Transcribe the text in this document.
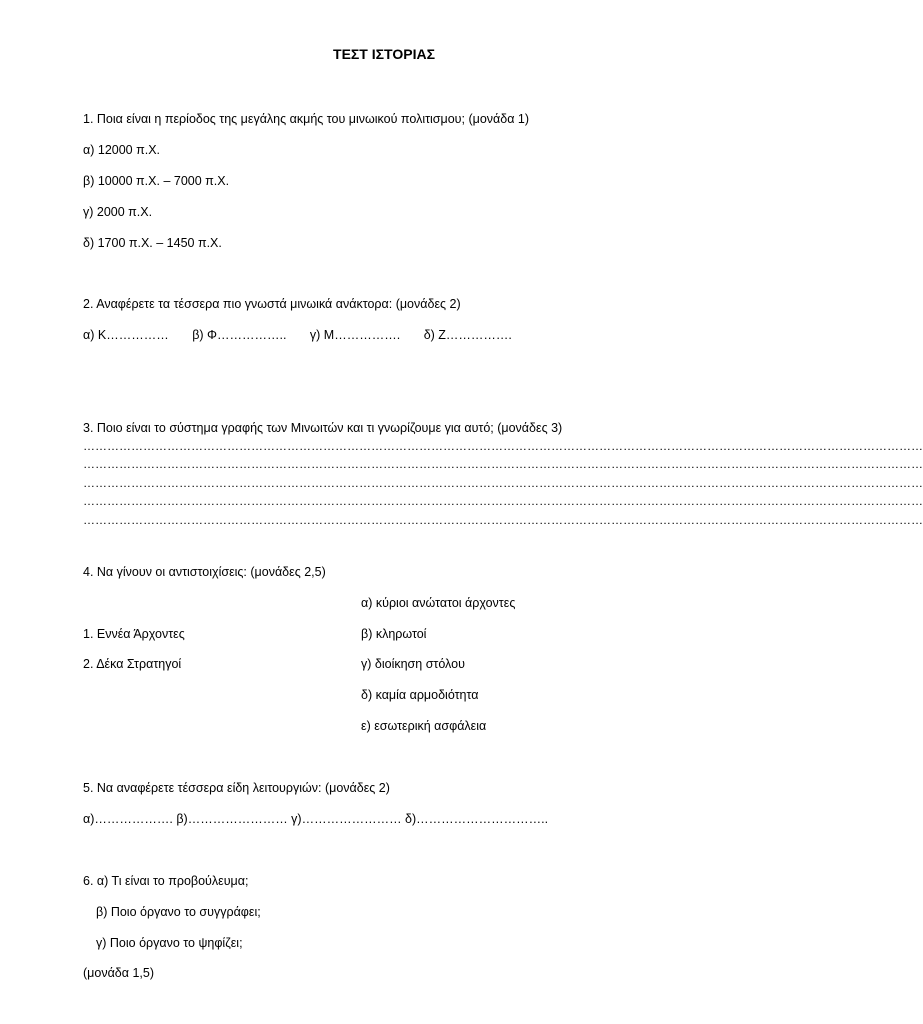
ΤΕΣΤ ΙΣΤΟΡΙΑΣ
1. Ποια είναι η περίοδος της μεγάλης ακμής του μινωικού πολιτισμου; (μονάδα 1)
α) 12000 π.Χ.
β) 10000 π.Χ. – 7000 π.Χ.
γ) 2000 π.Χ.
δ) 1700 π.Χ. – 1450 π.Χ.
2. Αναφέρετε τα τέσσερα πιο γνωστά μινωικά ανάκτορα: (μονάδες 2)
α) Κ…………… β) Φ…………….. γ) Μ……………. δ) Ζ…………….
3. Ποιο είναι το σύστημα γραφής των Μινωιτών και τι γνωρίζουμε για αυτό; (μονάδες 3)
…………………………………………………………………………………………………………………………………………………………………………………………
…………………………………………………………………………………………………………………………………………………………………………………………
…………………………………………………………………………………………………………………………………………………………………………………………
…………………………………………………………………………………………………………………………………………………………………………………………
…………………………………………………………………………………………………………………………………………………………………………………………
4. Να γίνουν οι αντιστοιχίσεις: (μονάδες 2,5)
α) κύριοι ανώτατοι άρχοντες
1. Εννέα Άρχοντες	β) κληρωτοί
2. Δέκα Στρατηγοί	γ) διοίκηση στόλου
δ) καμία αρμοδιότητα
ε) εσωτερική ασφάλεια
5. Να αναφέρετε τέσσερα είδη λειτουργιών: (μονάδες 2)
α)………………. β)…………………… γ)…………………… δ)…………………………..
6. α) Τι είναι το προβούλευμα;
β) Ποιο όργανο το συγγράφει;
γ) Ποιο όργανο το ψηφίζει;
(μονάδα 1,5)
